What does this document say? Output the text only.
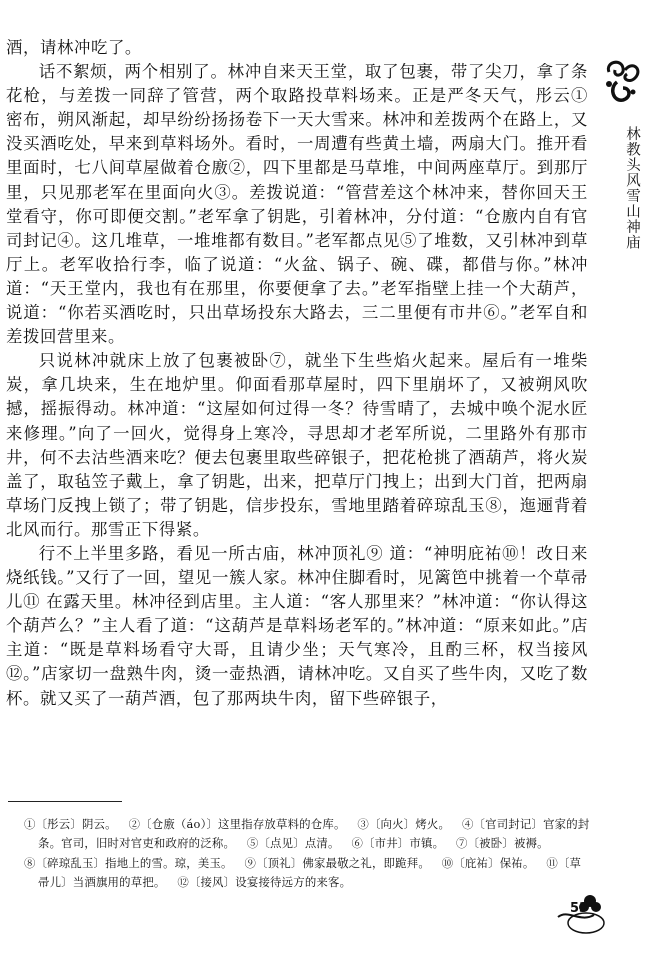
酒，请林冲吃了。

话不絮烦，两个相别了。林冲自来天王堂，取了包裹，带了尖刀，拿了条花枪，与差拨一同辞了管营，两个取路投草料场来。正是严冬天气，彤云① 密布，朔风渐起，却早纷纷扬扬卷下一天大雪来。林冲和差拨两个在路上，又没买酒吃处，早来到草料场外。看时，一周遭有些黄土墙，两扇大门。推开看里面时，七八间草屋做着仓廒②，四下里都是马草堆，中间两座草厅。到那厅里，只见那老军在里面向火③。差拨说道：“管营差这个林冲来，替你回天王堂看守，你可即便交割。”老军拿了钥匙，引着林冲，分付道：“仓廒内自有官司封记④。这几堆草，一堆堆都有数目。”老军都点见⑤了堆数，又引林冲到草厅上。老军收拾行李，临了说道：“火盆、锅子、碗、碟，都借与你。”林冲道：“天王堂内，我也有在那里，你要便拿了去。”老军指壁上挂一个大葫芦，说道：“你若买酒吃时，只出草场投东大路去，三二里便有市井⑥。”老军自和差拨回营里来。

只说林冲就床上放了包裹被卧⑦，就坐下生些焰火起来。屋后有一堆柴炭，拿几块来，生在地炉里。仰面看那草屋时，四下里崩坏了，又被朔风吹撼，摇振得动。林冲道：“这屋如何过得一冬？待雪晴了，去城中唤个泥水匠来修理。”向了一回火，觉得身上寒冷，寻思却才老军所说，二里路外有那市井，何不去沽些酒来吃？便去包裹里取些碎银子，把花枪挑了酒葫芦，将火炭盖了，取毡笠子戴上，拿了钥匙，出来，把草厅门拽上；出到大门首，把两扇草场门反拽上锁了；带了钥匙，信步投东，雪地里踏着碎琼乱玉⑧，迤逦背着北风而行。那雪正下得紧。

行不上半里多路，看见一所古庙，林冲顶礼⑨ 道：“神明庇祐⑩！改日来烧纸钱。”又行了一回，望见一簇人家。林冲住脚看时，见篱笆中挑着一个草帚儿⑪ 在露天里。林冲径到店里。主人道：“客人那里来？”林冲道：“你认得这个葫芦么？”主人看了道：“这葫芦是草料场老军的。”林冲道：“原来如此。”店主道：“既是草料场看守大哥，且请少坐；天气寒冷，且酌三杯，权当接风⑫。”店家切一盘熟牛肉，烫一壶热酒，请林冲吃。又自买了些牛肉，又吃了数杯。就又买了一葫芦酒，包了那两块牛肉，留下些碎银子，

林教头风雪山神庙
①〔彤云〕阴云。 ②〔仓廒（áo）〕这里指存放草料的仓库。 ③〔向火〕烤火。 ④〔官司封记〕官家的封
条。官司，旧时对官吏和政府的泛称。 ⑤〔点见〕点清。 ⑥〔市井〕市镇。 ⑦〔被卧〕被褥。
⑧〔碎琼乱玉〕指地上的雪。琼，美玉。 ⑨〔顶礼〕佛家最敬之礼，即跪拜。 ⑩〔庇祐〕保祐。 ⑪〔草
帚儿〕当酒旗用的草把。 ⑫〔接风〕设宴接待远方的来客。
53
